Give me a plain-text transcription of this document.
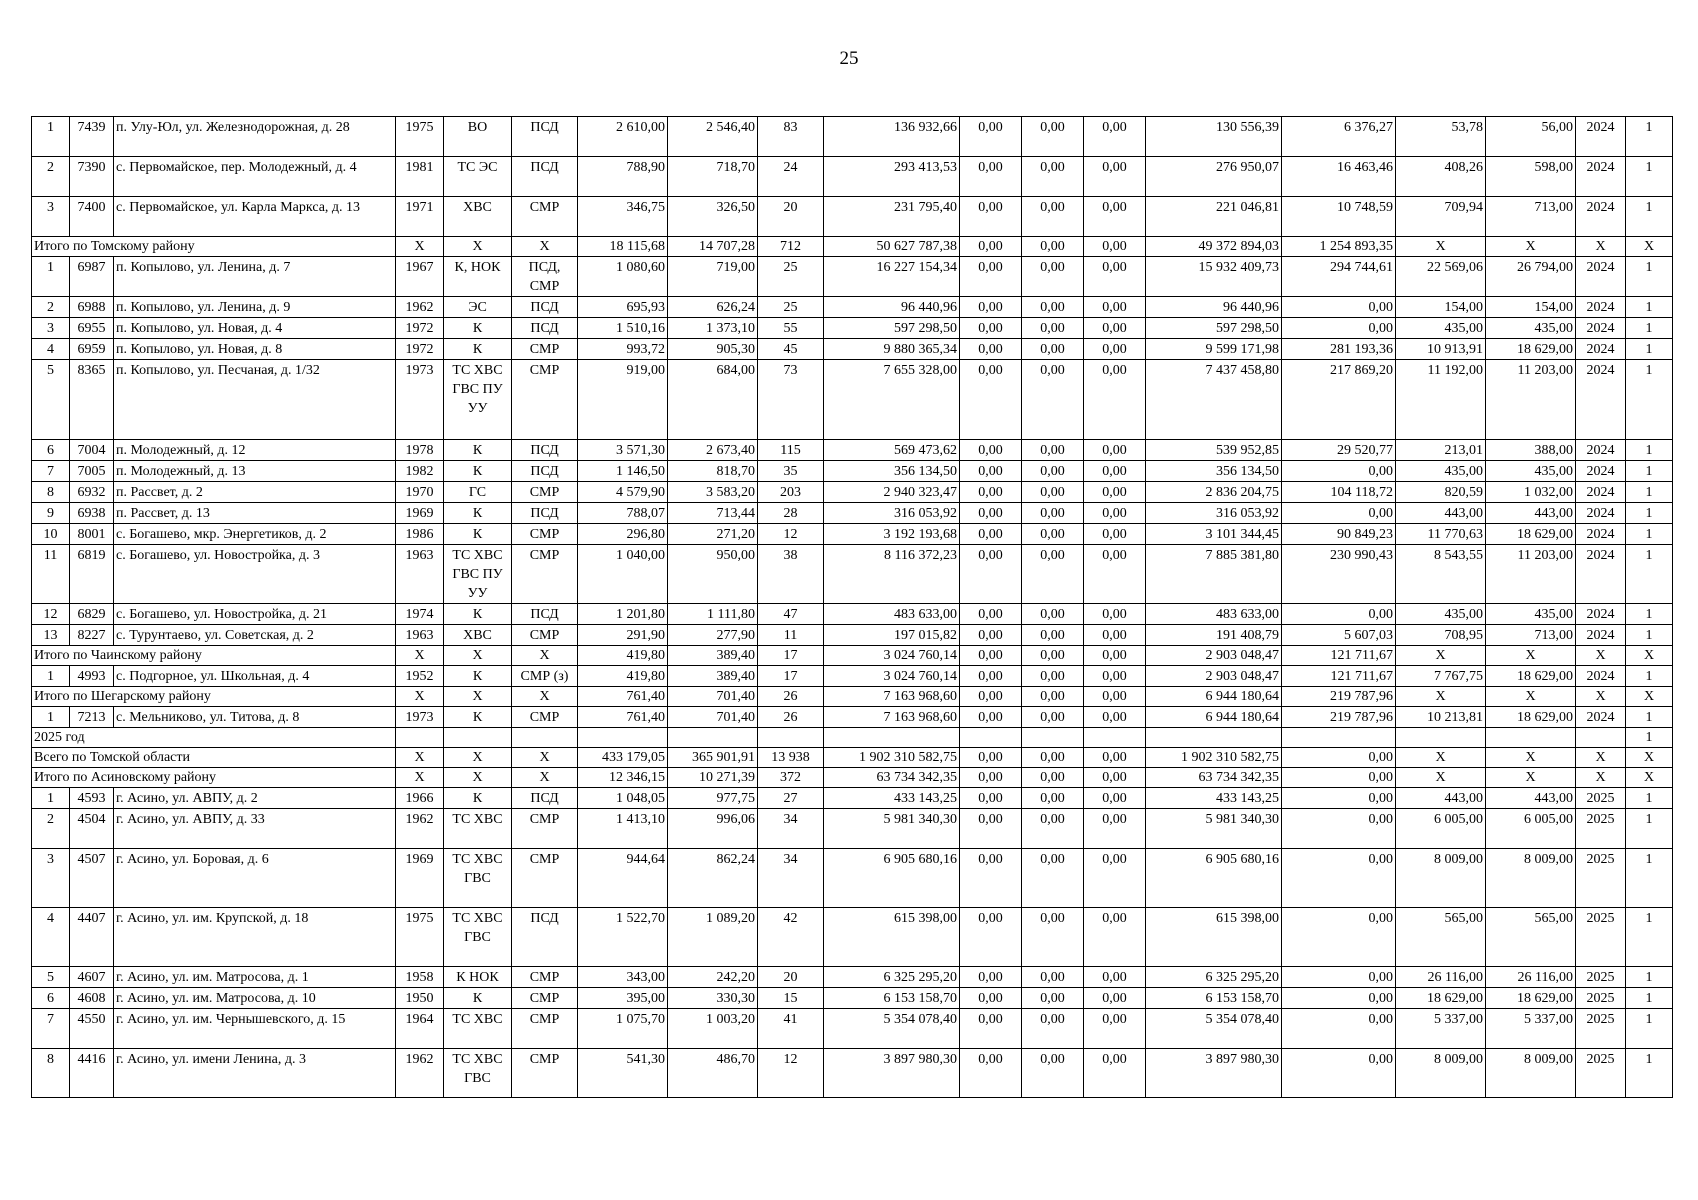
25
1	7439	п. Улу-Юл, ул. Железнодорожная, д. 28	1975	ВО	ПСД	2 610,00	2 546,40	83	136 932,66	0,00	0,00	0,00	130 556,39	6 376,27	53,78	56,00	2024	1
2	7390	с. Первомайское, пер. Молодежный, д. 4	1981	ТС ЭС	ПСД	788,90	718,70	24	293 413,53	0,00	0,00	0,00	276 950,07	16 463,46	408,26	598,00	2024	1
3	7400	с. Первомайское, ул. Карла Маркса, д. 13	1971	ХВС	СМР	346,75	326,50	20	231 795,40	0,00	0,00	0,00	221 046,81	10 748,59	709,94	713,00	2024	1
Итого по Томскому району			X	X	X	18 115,68	14 707,28	712	50 627 787,38	0,00	0,00	0,00	49 372 894,03	1 254 893,35	X	X	X	X
1	6987	п. Копылово, ул. Ленина, д. 7	1967	К, НОК	ПСД, СМР	1 080,60	719,00	25	16 227 154,34	0,00	0,00	0,00	15 932 409,73	294 744,61	22 569,06	26 794,00	2024	1
2	6988	п. Копылово, ул. Ленина, д. 9	1962	ЭС	ПСД	695,93	626,24	25	96 440,96	0,00	0,00	0,00	96 440,96	0,00	154,00	154,00	2024	1
3	6955	п. Копылово, ул. Новая, д. 4	1972	К	ПСД	1 510,16	1 373,10	55	597 298,50	0,00	0,00	0,00	597 298,50	0,00	435,00	435,00	2024	1
4	6959	п. Копылово, ул. Новая, д. 8	1972	К	СМР	993,72	905,30	45	9 880 365,34	0,00	0,00	0,00	9 599 171,98	281 193,36	10 913,91	18 629,00	2024	1
5	8365	п. Копылово, ул. Песчаная, д. 1/32	1973	ТС ХВС ГВС ПУ УУ	СМР	919,00	684,00	73	7 655 328,00	0,00	0,00	0,00	7 437 458,80	217 869,20	11 192,00	11 203,00	2024	1
6	7004	п. Молодежный, д. 12	1978	К	ПСД	3 571,30	2 673,40	115	569 473,62	0,00	0,00	0,00	539 952,85	29 520,77	213,01	388,00	2024	1
7	7005	п. Молодежный, д. 13	1982	К	ПСД	1 146,50	818,70	35	356 134,50	0,00	0,00	0,00	356 134,50	0,00	435,00	435,00	2024	1
8	6932	п. Рассвет, д. 2	1970	ГС	СМР	4 579,90	3 583,20	203	2 940 323,47	0,00	0,00	0,00	2 836 204,75	104 118,72	820,59	1 032,00	2024	1
9	6938	п. Рассвет, д. 13	1969	К	ПСД	788,07	713,44	28	316 053,92	0,00	0,00	0,00	316 053,92	0,00	443,00	443,00	2024	1
10	8001	с. Богашево, мкр. Энергетиков, д. 2	1986	К	СМР	296,80	271,20	12	3 192 193,68	0,00	0,00	0,00	3 101 344,45	90 849,23	11 770,63	18 629,00	2024	1
11	6819	с. Богашево, ул. Новостройка, д. 3	1963	ТС ХВС ГВС ПУ УУ	СМР	1 040,00	950,00	38	8 116 372,23	0,00	0,00	0,00	7 885 381,80	230 990,43	8 543,55	11 203,00	2024	1
12	6829	с. Богашево, ул. Новостройка, д. 21	1974	К	ПСД	1 201,80	1 111,80	47	483 633,00	0,00	0,00	0,00	483 633,00	0,00	435,00	435,00	2024	1
13	8227	с. Турунтаево, ул. Советская, д. 2	1963	ХВС	СМР	291,90	277,90	11	197 015,82	0,00	0,00	0,00	191 408,79	5 607,03	708,95	713,00	2024	1
Итого по Чаинскому району			X	X	X	419,80	389,40	17	3 024 760,14	0,00	0,00	0,00	2 903 048,47	121 711,67	X	X	X	X
1	4993	с. Подгорное, ул. Школьная, д. 4	1952	К	СМР (з)	419,80	389,40	17	3 024 760,14	0,00	0,00	0,00	2 903 048,47	121 711,67	7 767,75	18 629,00	2024	1
Итого по Шегарскому району			X	X	X	761,40	701,40	26	7 163 968,60	0,00	0,00	0,00	6 944 180,64	219 787,96	X	X	X	X
1	7213	с. Мельниково, ул. Титова, д. 8	1973	К	СМР	761,40	701,40	26	7 163 968,60	0,00	0,00	0,00	6 944 180,64	219 787,96	10 213,81	18 629,00	2024	1
2025 год																		1
Всего по Томской области			X	X	X	433 179,05	365 901,91	13 938	1 902 310 582,75	0,00	0,00	0,00	1 902 310 582,75	0,00	X	X	X	X
Итого по Асиновскому району			X	X	X	12 346,15	10 271,39	372	63 734 342,35	0,00	0,00	0,00	63 734 342,35	0,00	X	X	X	X
1	4593	г. Асино, ул. АВПУ, д. 2	1966	К	ПСД	1 048,05	977,75	27	433 143,25	0,00	0,00	0,00	433 143,25	0,00	443,00	443,00	2025	1
2	4504	г. Асино, ул. АВПУ, д. 33	1962	ТС ХВС	СМР	1 413,10	996,06	34	5 981 340,30	0,00	0,00	0,00	5 981 340,30	0,00	6 005,00	6 005,00	2025	1
3	4507	г. Асино, ул. Боровая, д. 6	1969	ТС ХВС ГВС	СМР	944,64	862,24	34	6 905 680,16	0,00	0,00	0,00	6 905 680,16	0,00	8 009,00	8 009,00	2025	1
4	4407	г. Асино, ул. им. Крупской, д. 18	1975	ТС ХВС ГВС	ПСД	1 522,70	1 089,20	42	615 398,00	0,00	0,00	0,00	615 398,00	0,00	565,00	565,00	2025	1
5	4607	г. Асино, ул. им. Матросова, д. 1	1958	К НОК	СМР	343,00	242,20	20	6 325 295,20	0,00	0,00	0,00	6 325 295,20	0,00	26 116,00	26 116,00	2025	1
6	4608	г. Асино, ул. им. Матросова, д. 10	1950	К	СМР	395,00	330,30	15	6 153 158,70	0,00	0,00	0,00	6 153 158,70	0,00	18 629,00	18 629,00	2025	1
7	4550	г. Асино, ул. им. Чернышевского, д. 15	1964	ТС ХВС	СМР	1 075,70	1 003,20	41	5 354 078,40	0,00	0,00	0,00	5 354 078,40	0,00	5 337,00	5 337,00	2025	1
8	4416	г. Асино, ул. имени Ленина, д. 3	1962	ТС ХВС ГВС	СМР	541,30	486,70	12	3 897 980,30	0,00	0,00	0,00	3 897 980,30	0,00	8 009,00	8 009,00	2025	1
